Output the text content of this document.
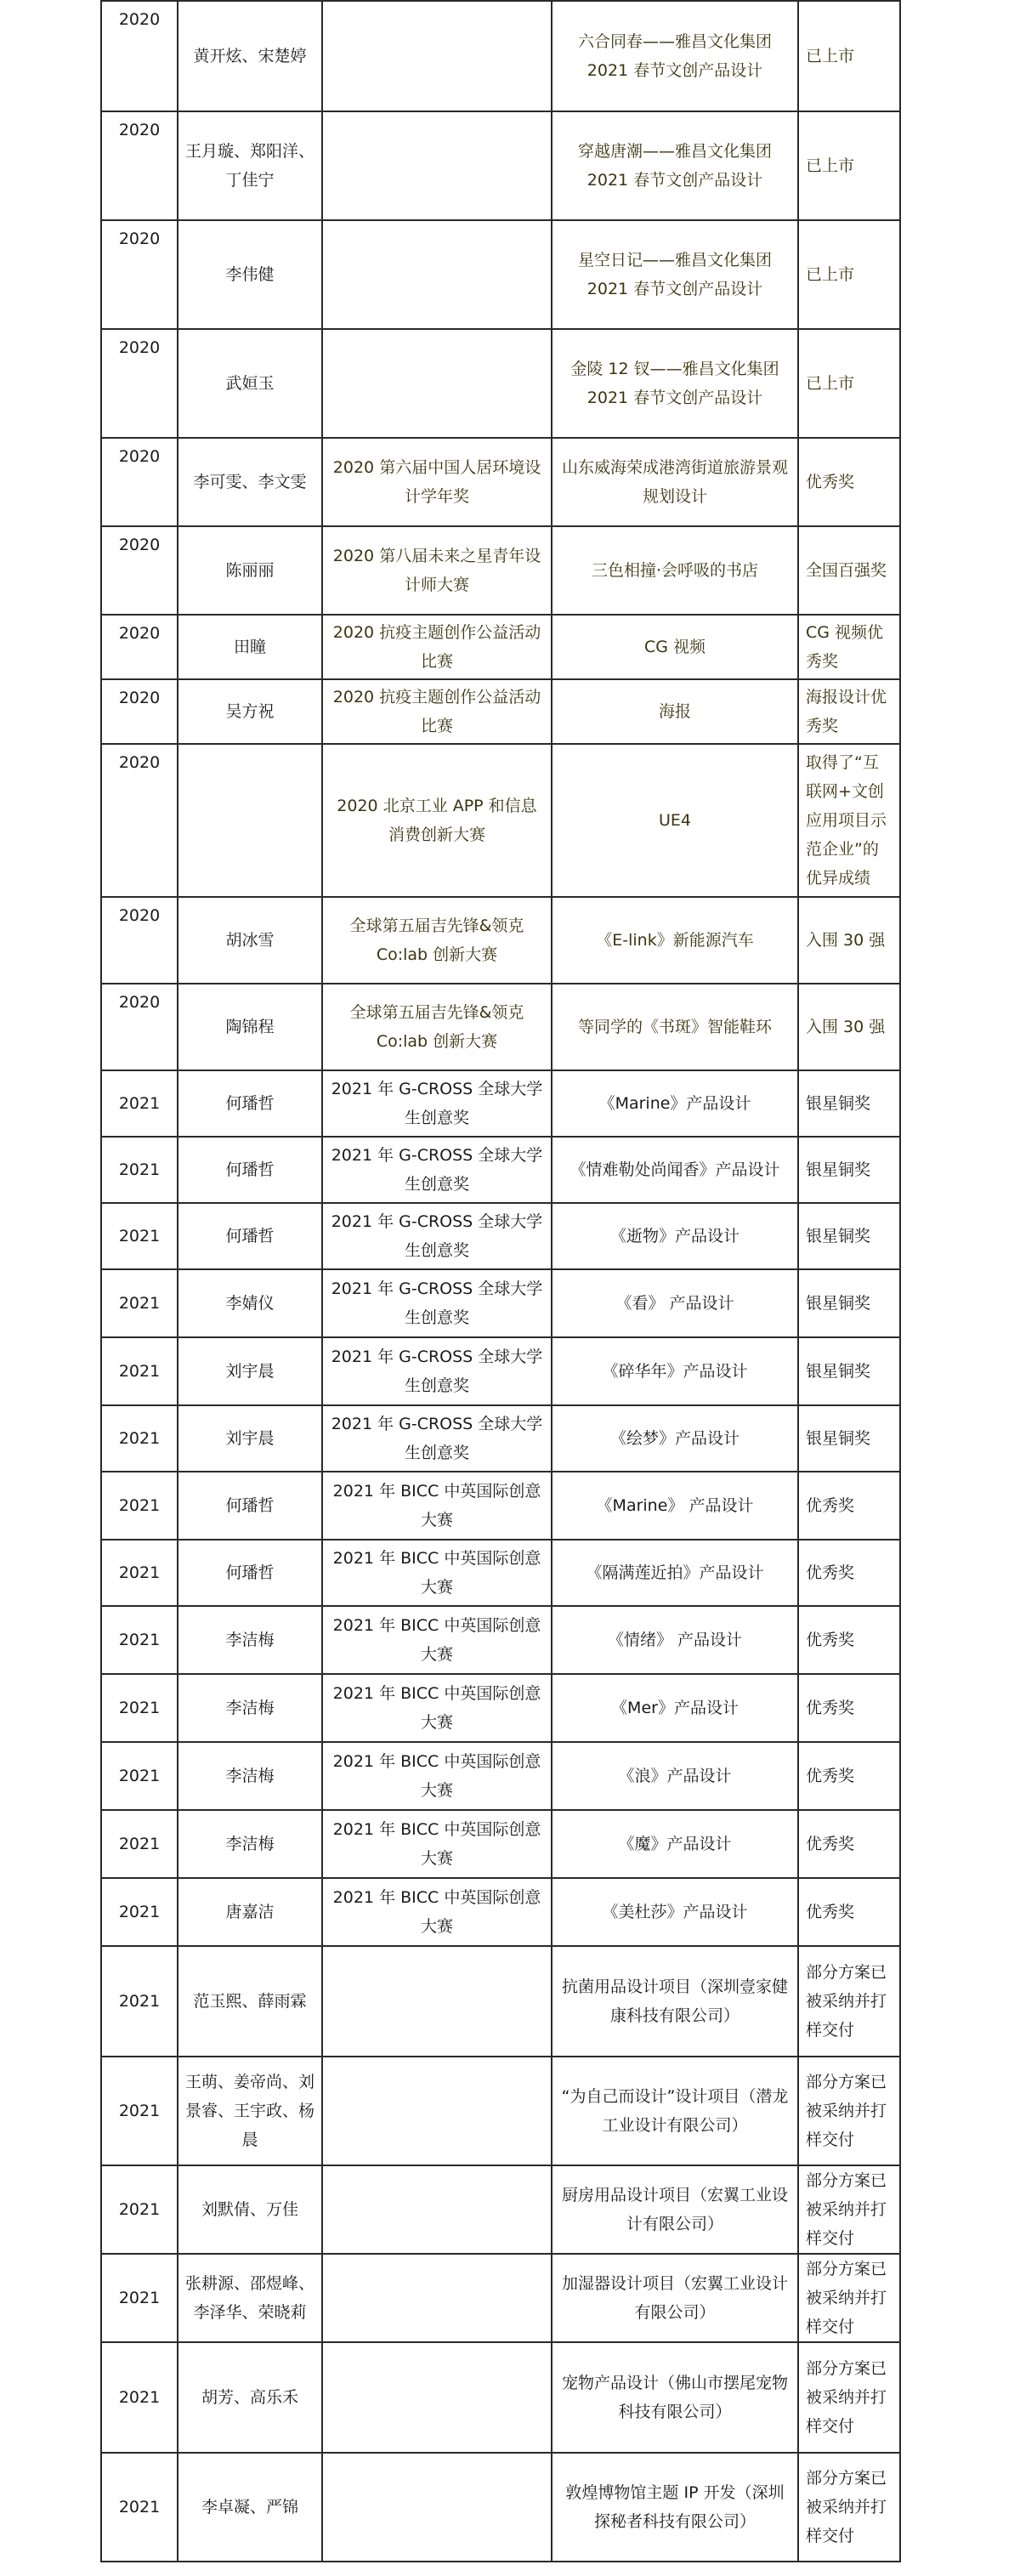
2020	黄开炫、宋楚婷		六合同春——雅昌文化集团 2021 春节文创产品设计	已上市
2020	王月璇、郑阳洋、丁佳宁		穿越唐潮——雅昌文化集团 2021 春节文创产品设计	已上市
2020	李伟健		星空日记——雅昌文化集团 2021 春节文创产品设计	已上市
2020	武姮玉		金陵 12 钗——雅昌文化集团 2021 春节文创产品设计	已上市
2020	李可雯、李文雯	2020 第六届中国人居环境设计学年奖	山东威海荣成港湾街道旅游景观规划设计	优秀奖
2020	陈丽丽	2020 第八届未来之星青年设计师大赛	三色相撞·会呼吸的书店	全国百强奖
2020	田瞳	2020 抗疫主题创作公益活动比赛	CG 视频	CG 视频优秀奖
2020	吴方祝	2020 抗疫主题创作公益活动比赛	海报	海报设计优秀奖
2020		2020 北京工业 APP 和信息消费创新大赛	UE4	取得了“互联网+文创应用项目示范企业”的优异成绩
2020	胡冰雪	全球第五届吉先锋&领克 Co:lab 创新大赛	《E-link》新能源汽车	入围 30 强
2020	陶锦程	全球第五届吉先锋&领克 Co:lab 创新大赛	等同学的《书斑》智能鞋环	入围 30 强
2021	何璠哲	2021 年 G-CROSS 全球大学生创意奖	《Marine》产品设计	银星铜奖
2021	何璠哲	2021 年 G-CROSS 全球大学生创意奖	《情难勒处尚闻香》产品设计	银星铜奖
2021	何璠哲	2021 年 G-CROSS 全球大学生创意奖	《逝物》产品设计	银星铜奖
2021	李婧仪	2021 年 G-CROSS 全球大学生创意奖	《看》 产品设计	银星铜奖
2021	刘宇晨	2021 年 G-CROSS 全球大学生创意奖	《碎华年》产品设计	银星铜奖
2021	刘宇晨	2021 年 G-CROSS 全球大学生创意奖	《绘梦》产品设计	银星铜奖
2021	何璠哲	2021 年 BICC 中英国际创意大赛	《Marine》 产品设计	优秀奖
2021	何璠哲	2021 年 BICC 中英国际创意大赛	《隔满莲近拍》产品设计	优秀奖
2021	李洁梅	2021 年 BICC 中英国际创意大赛	《情绪》 产品设计	优秀奖
2021	李洁梅	2021 年 BICC 中英国际创意大赛	《Mer》产品设计	优秀奖
2021	李洁梅	2021 年 BICC 中英国际创意大赛	《浪》产品设计	优秀奖
2021	李洁梅	2021 年 BICC 中英国际创意大赛	《魔》产品设计	优秀奖
2021	唐嘉洁	2021 年 BICC 中英国际创意大赛	《美杜莎》产品设计	优秀奖
2021	范玉熙、薛雨霖		抗菌用品设计项目（深圳壹家健康科技有限公司）	部分方案已被采纳并打样交付
2021	王萌、姜帝尚、刘景睿、王宇政、杨晨		“为自己而设计”设计项目（潜龙工业设计有限公司）	部分方案已被采纳并打样交付
2021	刘默倩、万佳		厨房用品设计项目（宏翼工业设计有限公司）	部分方案已被采纳并打样交付
2021	张耕源、邵煜峰、李泽华、荣晓莉		加湿器设计项目（宏翼工业设计有限公司）	部分方案已被采纳并打样交付
2021	胡芳、高乐禾		宠物产品设计（佛山市摆尾宠物科技有限公司）	部分方案已被采纳并打样交付
2021	李卓凝、严锦		敦煌博物馆主题 IP 开发（深圳探秘者科技有限公司）	部分方案已被采纳并打样交付
